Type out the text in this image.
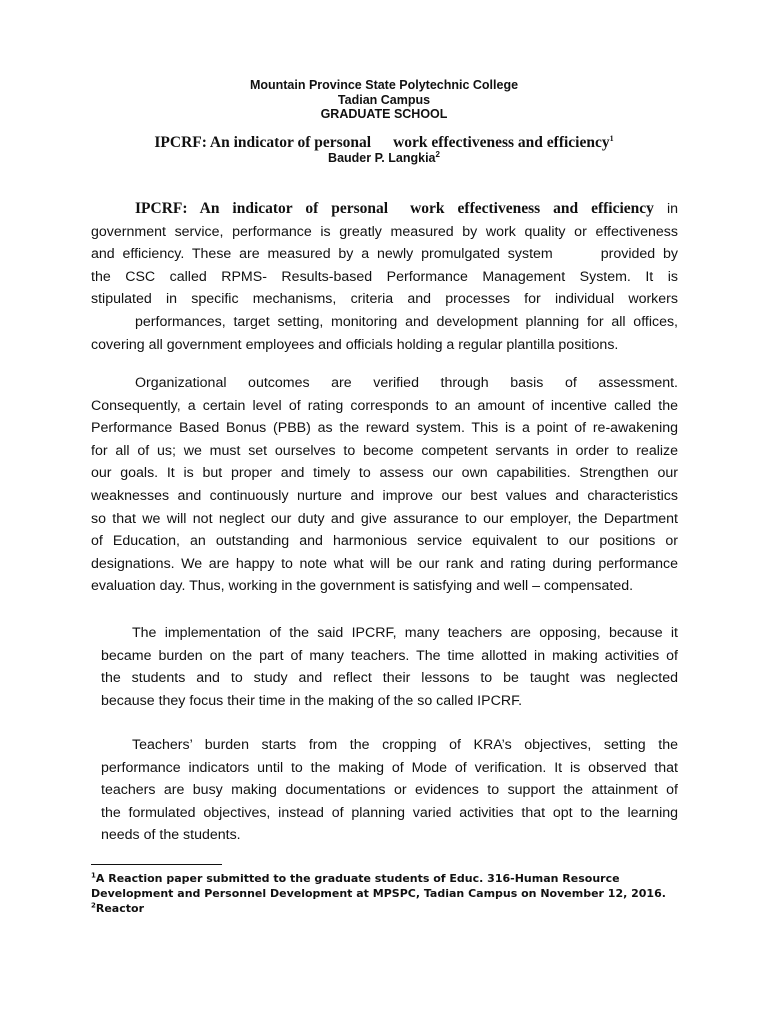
Mountain Province State Polytechnic College
Tadian Campus
GRADUATE SCHOOL
IPCRF: An indicator of personal work effectiveness and efficiency$^1$
Bauder P. Langkia$^2$
IPCRF: An indicator of personal work effectiveness and efficiency in
government service, performance is greatly measured by work quality or effectiveness
and efficiency. These are measured by a newly promulgated system	provided by
the CSC called RPMS- Results-based Performance Management System. It is
stipulated in specific mechanisms, criteria and processes for individual workers
performances, target setting, monitoring and development planning for all offices,
covering all government employees and officials holding a regular plantilla positions.
Organizational outcomes are verified through basis of assessment.
Consequently, a certain level of rating corresponds to an amount of incentive called the
Performance Based Bonus (PBB) as the reward system. This is a point of re-awakening
for all of us; we must set ourselves to become competent servants in order to realize
our goals. It is but proper and timely to assess our own capabilities. Strengthen our
weaknesses and continuously nurture and improve our best values and characteristics
so that we will not neglect our duty and give assurance to our employer, the Department
of Education, an outstanding and harmonious service equivalent to our positions or
designations. We are happy to note what will be our rank and rating during performance
evaluation day. Thus, working in the government is satisfying and well – compensated.
The implementation of the said IPCRF, many teachers are opposing, because it
became burden on the part of many teachers. The time allotted in making activities of
the students and to study and reflect their lessons to be taught was neglected
because they focus their time in the making of the so called IPCRF.
Teachers’ burden starts from the cropping of KRA’s objectives, setting the
performance indicators until to the making of Mode of verification. It is observed that
teachers are busy making documentations or evidences to support the attainment of
the formulated objectives, instead of planning varied activities that opt to the learning
needs of the students.
$^1$A Reaction paper submitted to the graduate students of Educ. 316-Human Resource Development and Personnel Development at MPSPC, Tadian Campus on November 12, 2016.
$^2$Reactor
